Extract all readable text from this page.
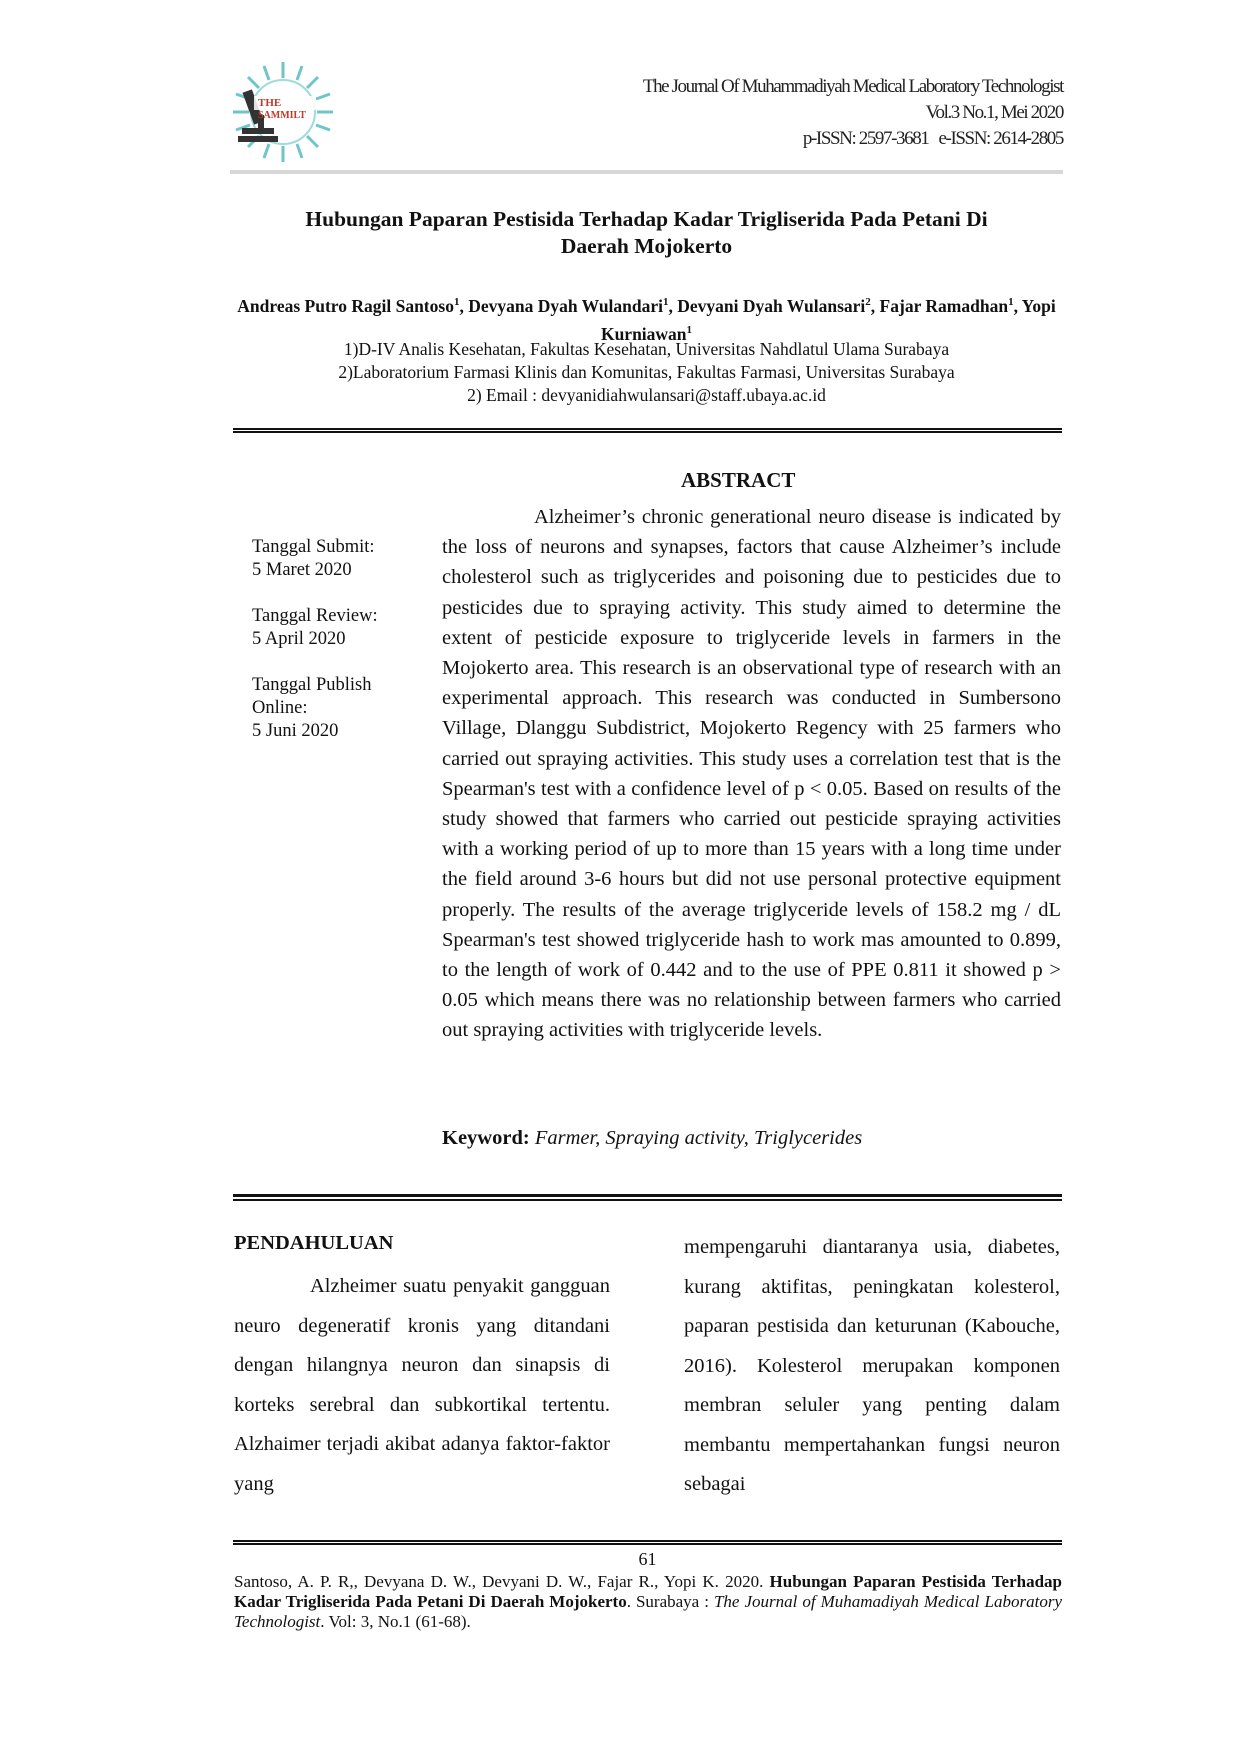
THE
SAMMILT
The Journal Of Muhammadiyah Medical Laboratory Technologist
Vol.3 No.1, Mei 2020
p-ISSN: 2597-3681   e-ISSN: 2614-2805
Hubungan Paparan Pestisida Terhadap Kadar Trigliserida Pada Petani Di
Daerah Mojokerto
Andreas Putro Ragil Santoso$^1$, Devyana Dyah Wulandari$^1$, Devyani Dyah Wulansari$^2$, Fajar Ramadhan$^1$, Yopi Kurniawan$^1$
1)D-IV Analis Kesehatan, Fakultas Kesehatan, Universitas Nahdlatul Ulama Surabaya
2)Laboratorium Farmasi Klinis dan Komunitas, Fakultas Farmasi, Universitas Surabaya
2) Email : devyanidiahwulansari@staff.ubaya.ac.id
ABSTRACT
Tanggal Submit:
5 Maret 2020
Tanggal Review:
5 April 2020
Tanggal Publish
Online:
5 Juni 2020
Alzheimer’s chronic generational neuro disease is indicated by the loss of neurons and synapses, factors that cause Alzheimer’s include cholesterol such as triglycerides and poisoning due to pesticides due to pesticides due to spraying activity. This study aimed to determine the extent of pesticide exposure to triglyceride levels in farmers in the Mojokerto area. This research is an observational type of research with an experimental approach. This research was conducted in Sumbersono Village, Dlanggu Subdistrict, Mojokerto Regency with 25 farmers who carried out spraying activities. This study uses a correlation test that is the Spearman's test with a confidence level of p < 0.05. Based on results of the study showed that farmers who carried out pesticide spraying activities with a working period of up to more than 15 years with a long time under the field around 3-6 hours but did not use personal protective equipment properly. The results of the average triglyceride levels of 158.2 mg / dL Spearman's test showed triglyceride hash to work mas amounted to 0.899, to the length of work of 0.442 and to the use of PPE 0.811 it showed p > 0.05 which means there was no relationship between farmers who carried out spraying activities with triglyceride levels.
Keyword: Farmer, Spraying activity, Triglycerides
PENDAHULUAN
Alzheimer suatu penyakit gangguan neuro degeneratif kronis yang ditandani dengan hilangnya neuron dan sinapsis di korteks serebral dan subkortikal tertentu. Alzhaimer terjadi akibat adanya faktor-faktor yang
mempengaruhi diantaranya usia, diabetes, kurang aktifitas, peningkatan kolesterol, paparan pestisida dan keturunan (Kabouche, 2016). Kolesterol merupakan komponen membran seluler yang penting dalam membantu mempertahankan fungsi neuron sebagai
61
Santoso, A. P. R,, Devyana D. W., Devyani D. W., Fajar R., Yopi K. 2020. Hubungan Paparan Pestisida Terhadap Kadar Trigliserida Pada Petani Di Daerah Mojokerto. Surabaya : The Journal of Muhamadiyah Medical Laboratory Technologist. Vol: 3, No.1 (61-68).
